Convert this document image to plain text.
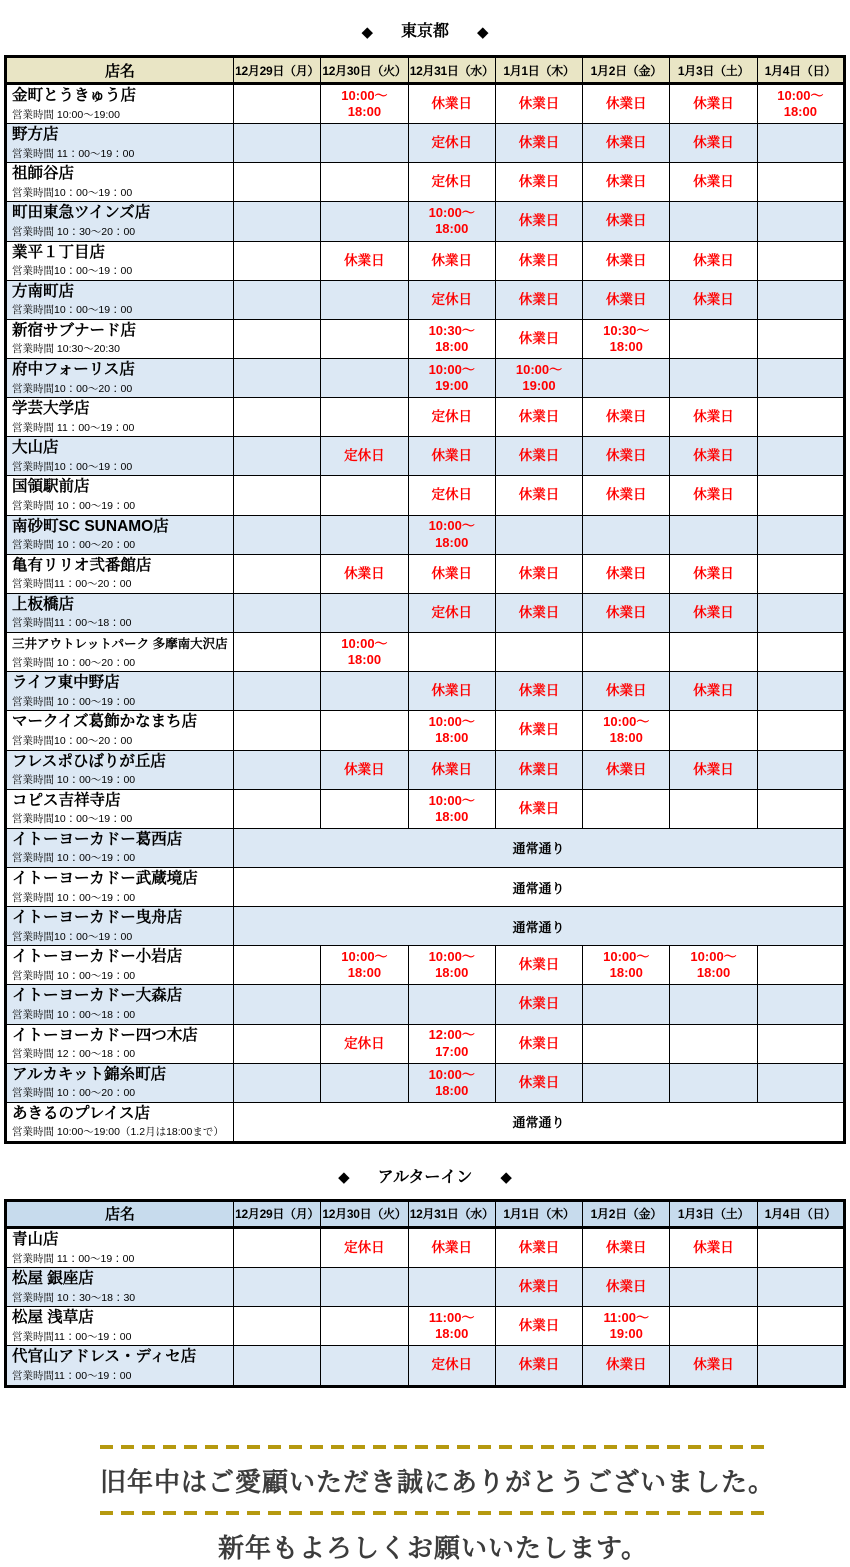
◆ 東京都 ◆
店名	12月29日（月）	12月30日（火）	12月31日（水）	1月1日（木）	1月2日（金）	1月3日（土）	1月4日（日）

金町とうきゅう店
営業時間 10:00～19:00
		10:00～
18:00	休業日	休業日	休業日	休業日	10:00～
18:00

野方店
営業時間 11：00～19：00			定休日	休業日	休業日	休業日	

祖師谷店
営業時間10：00～19：00			定休日	休業日	休業日	休業日	

町田東急ツインズ店
営業時間 10：30～20：00
			10:00～
18:00	休業日	休業日		

業平１丁目店
営業時間10：00～19：00		休業日	休業日	休業日	休業日	休業日	

方南町店
営業時間10：00～19：00			定休日	休業日	休業日	休業日	

新宿サブナード店
営業時間 10:30～20:30
			10:30～
18:00	休業日	10:30～
18:00		

府中フォーリス店
営業時間10：00～20：00
			10:00～
19:00	10:00～
19:00			

学芸大学店
営業時間 11：00～19：00			定休日	休業日	休業日	休業日	

大山店
営業時間10：00～19：00		定休日	休業日	休業日	休業日	休業日	

国領駅前店
営業時間 10：00～19：00			定休日	休業日	休業日	休業日	

南砂町SC SUNAMO店
営業時間 10：00～20：00
			10:00～
18:00				

亀有リリオ弐番館店
営業時間11：00～20：00		休業日	休業日	休業日	休業日	休業日	

上板橋店
営業時間11：00～18：00			定休日	休業日	休業日	休業日	

三井アウトレットパーク 多摩南大沢店
営業時間 10：00～20：00
		10:00～
18:00					

ライフ東中野店
営業時間 10：00～19：00			休業日	休業日	休業日	休業日	

マークイズ葛飾かなまち店
営業時間10：00～20：00
			10:00～
18:00	休業日	10:00～
18:00		

フレスポひばりが丘店
営業時間 10：00～19：00		休業日	休業日	休業日	休業日	休業日	

コピス吉祥寺店
営業時間10：00～19：00
			10:00～
18:00	休業日			

イトーヨーカドー葛西店
営業時間 10：00～19：00	通常通り						

イトーヨーカドー武蔵境店
営業時間 10：00～19：00	通常通り						

イトーヨーカドー曳舟店
営業時間10：00～19：00	通常通り						

イトーヨーカドー小岩店
営業時間 10：00～19：00
		10:00～
18:00	10:00～
18:00	休業日	10:00～
18:00	10:00～
18:00	

イトーヨーカドー大森店
営業時間 10：00～18：00				休業日			

イトーヨーカドー四つ木店
営業時間 12：00～18：00
		定休日	12:00～
17:00	休業日			

アルカキット錦糸町店
営業時間 10：00～20：00
			10:00～
18:00	休業日			

あきるのプレイス店
営業時間 10:00～19:00（1.2月は18:00まで）	通常通り						
◆ アルターイン ◆
店名	12月29日（月）	12月30日（火）	12月31日（水）	1月1日（木）	1月2日（金）	1月3日（土）	1月4日（日）

青山店
営業時間 11：00～19：00		定休日	休業日	休業日	休業日	休業日	

松屋 銀座店
営業時間 10：30～18：30				休業日	休業日		

松屋 浅草店
営業時間11：00～19：00
			11:00～
18:00	休業日	11:00～
19:00		

代官山アドレス・ディセ店
営業時間11：00～19：00			定休日	休業日	休業日	休業日	
旧年中はご愛顧いただき誠にありがとうございました。
新年もよろしくお願いいたします。
